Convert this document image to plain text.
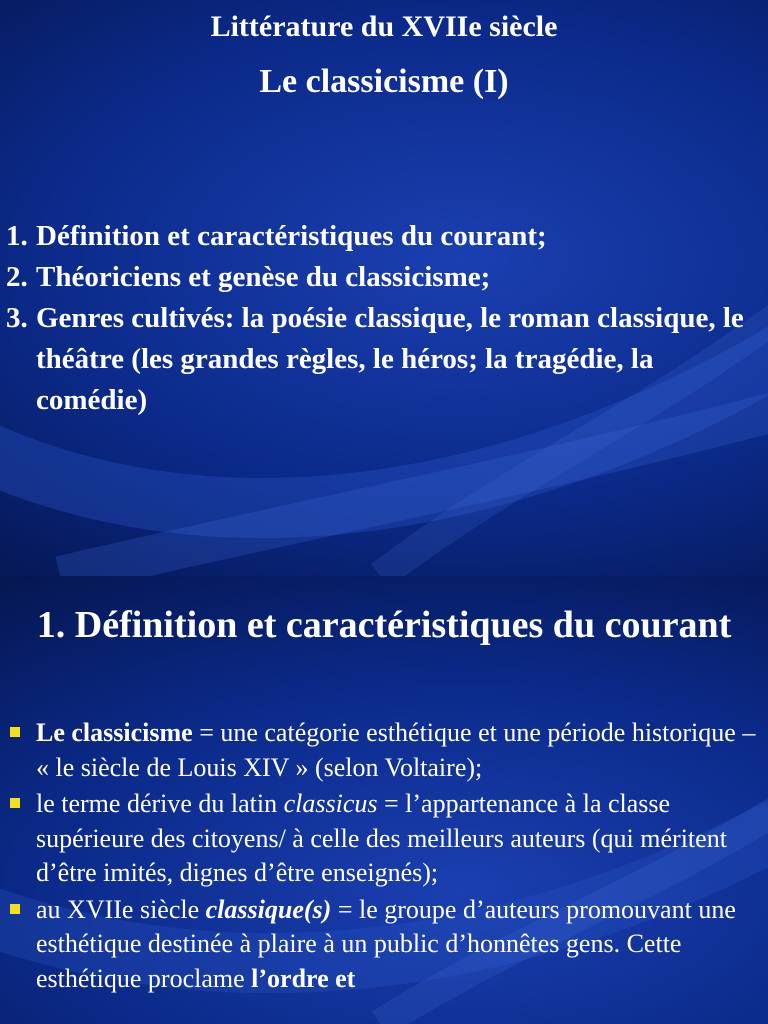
Littérature du XVIIe siècle
Le classicisme (I)
1. Définition et caractéristiques du courant;
2. Théoriciens et genèse du classicisme;
3. Genres cultivés: la poésie classique, le roman classique, le théâtre (les grandes règles, le héros; la tragédie, la comédie)
1. Définition et caractéristiques du courant
Le classicisme = une catégorie esthétique et une période historique – « le siècle de Louis XIV » (selon Voltaire);
le terme dérive du latin classicus = l’appartenance à la classe supérieure des citoyens/ à celle des meilleurs auteurs (qui méritent d’être imités, dignes d’être enseignés);
au XVIIe siècle classique(s) = le groupe d’auteurs promouvant une esthétique destinée à plaire à un public d’honnêtes gens. Cette esthétique proclame l’ordre et
